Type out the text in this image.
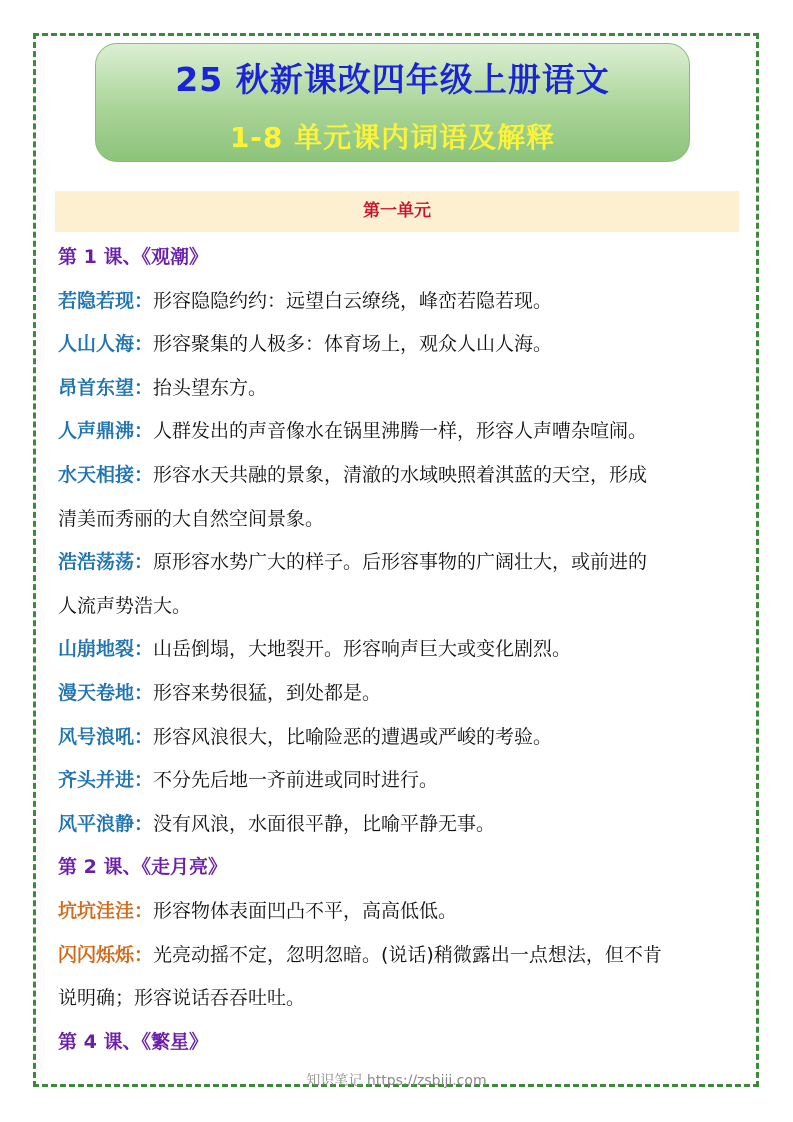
25 秋新课改四年级上册语文
1-8 单元课内词语及解释
第一单元
第 1 课、《观潮》
若隐若现：形容隐隐约约：远望白云缭绕，峰峦若隐若现。
人山人海：形容聚集的人极多：体育场上，观众人山人海。
昂首东望：抬头望东方。
人声鼎沸：人群发出的声音像水在锅里沸腾一样，形容人声嘈杂喧闹。
水天相接：形容水天共融的景象，清澈的水域映照着淇蓝的天空，形成
清美而秀丽的大自然空间景象。
浩浩荡荡：原形容水势广大的样子。后形容事物的广阔壮大，或前进的
人流声势浩大。
山崩地裂：山岳倒塌，大地裂开。形容响声巨大或变化剧烈。
漫天卷地：形容来势很猛，到处都是。
风号浪吼：形容风浪很大，比喻险恶的遭遇或严峻的考验。
齐头并进：不分先后地一齐前进或同时进行。
风平浪静：没有风浪，水面很平静，比喻平静无事。
第 2 课、《走月亮》
坑坑洼洼：形容物体表面凹凸不平，高高低低。
闪闪烁烁：光亮动摇不定，忽明忽暗。(说话)稍微露出一点想法，但不肯
说明确；形容说话吞吞吐吐。
第 4 课、《繁星》
知识笔记 https://zsbiji.com
